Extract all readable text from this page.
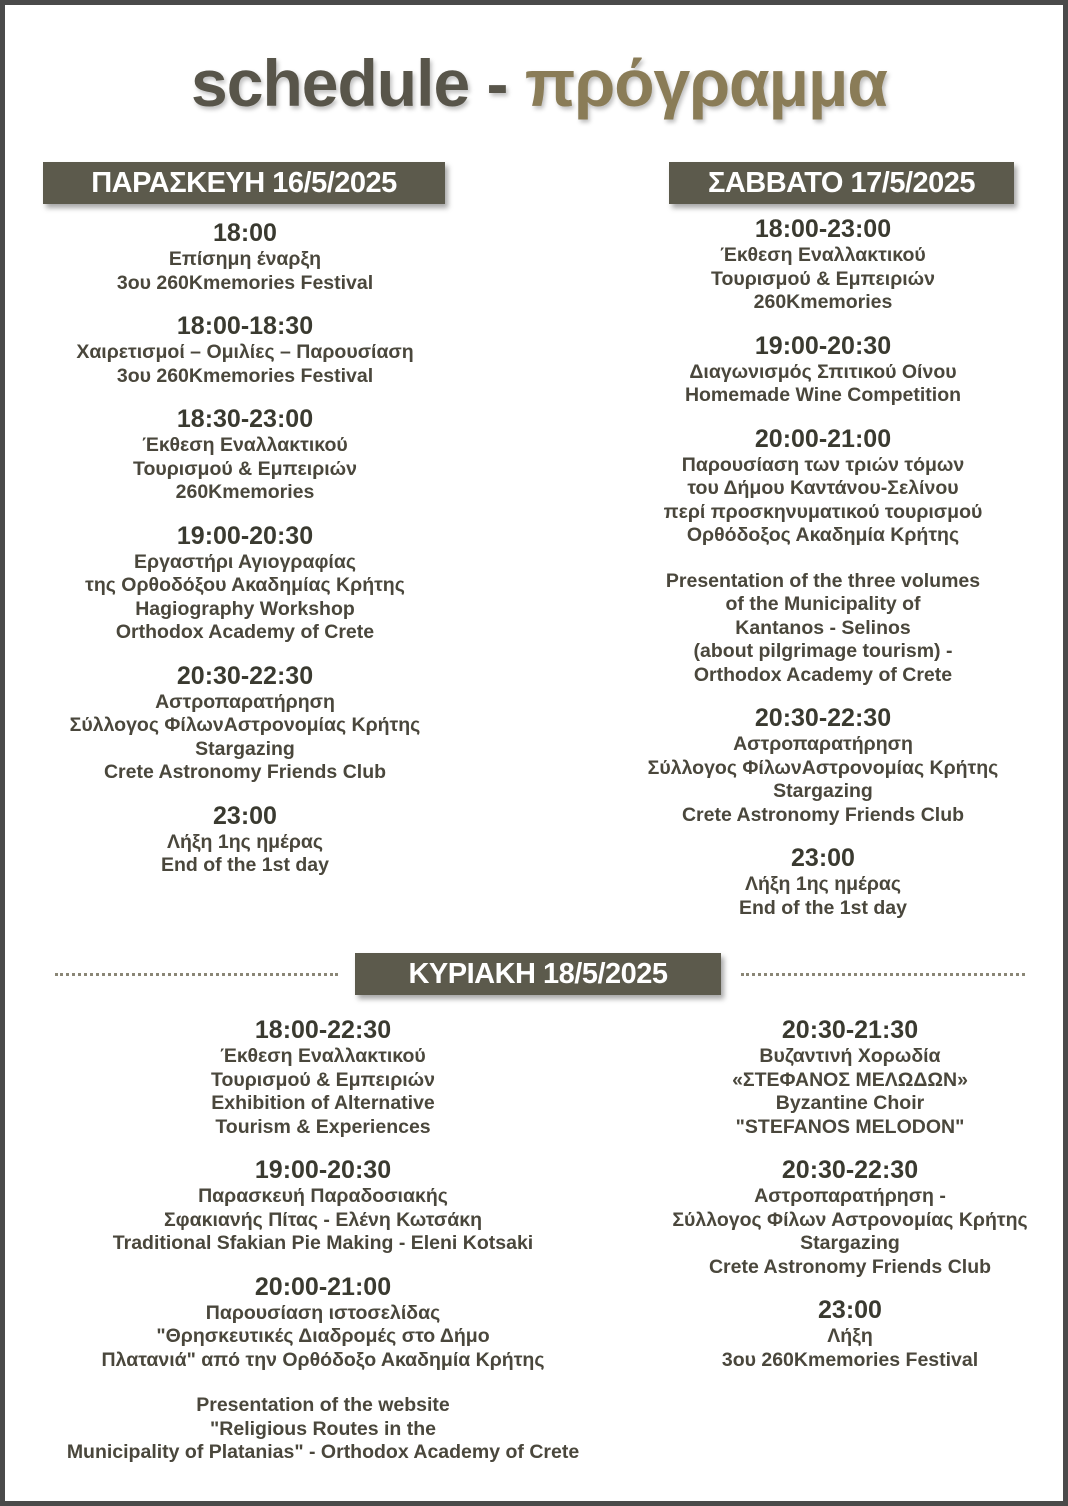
schedule - πρόγραμμα
ΠΑΡΑΣΚΕΥΗ 16/5/2025	ΣΑΒΒΑΤΟ 17/5/2025
18:00
Επίσημη έναρξη
3ου 260Kmemories Festival
18:00-18:30
Χαιρετισμοί – Ομιλίες – Παρουσίαση
3ου 260Kmemories Festival
18:30-23:00
Έκθεση Εναλλακτικού
Τουρισμού & Εμπειριών
260Kmemories
19:00-20:30
Εργαστήρι Αγιογραφίας
της Ορθοδόξου Ακαδημίας Κρήτης
Hagiography Workshop
Orthodox Academy of Crete
20:30-22:30
Αστροπαρατήρηση
Σύλλογος ΦίλωνΑστρονομίας Κρήτης
Stargazing
Crete Astronomy Friends Club
23:00
Λήξη 1ης ημέρας
End of the 1st day
18:00-23:00
Έκθεση Εναλλακτικού
Τουρισμού & Εμπειριών
260Kmemories
19:00-20:30
Διαγωνισμός Σπιτικού Οίνου
Homemade Wine Competition
20:00-21:00
Παρουσίαση των τριών τόμων
του Δήμου Καντάνου-Σελίνου
περί προσκηνυματικού τουρισμού
Ορθόδοξος Ακαδημία Κρήτης
Presentation of the three volumes
of the Municipality of
Kantanos - Selinos
(about pilgrimage tourism) -
Orthodox Academy of Crete
20:30-22:30
Αστροπαρατήρηση
Σύλλογος ΦίλωνΑστρονομίας Κρήτης
Stargazing
Crete Astronomy Friends Club
23:00
Λήξη 1ης ημέρας
End of the 1st day
ΚΥΡΙΑΚΗ 18/5/2025
18:00-22:30
Έκθεση Εναλλακτικού
Τουρισμού & Εμπειριών
Exhibition of Alternative
Tourism & Experiences
19:00-20:30
Παρασκευή Παραδοσιακής
Σφακιανής Πίτας - Ελένη Κωτσάκη
Traditional Sfakian Pie Making - Eleni Kotsaki
20:00-21:00
Παρουσίαση ιστοσελίδας
"Θρησκευτικές Διαδρομές στο Δήμο
Πλατανιά" από την Ορθόδοξο Ακαδημία Κρήτης
Presentation of the website
"Religious Routes in the
Municipality of Platanias" - Orthodox Academy of Crete
20:30-21:30
Βυζαντινή Χορωδία
«ΣΤΕΦΑΝΟΣ ΜΕΛΩΔΩΝ»
Byzantine Choir
"STEFANOS MELODON"
20:30-22:30
Αστροπαρατήρηση -
Σύλλογος Φίλων Αστρονομίας Κρήτης
Stargazing
Crete Astronomy Friends Club
23:00
Λήξη
3ου 260Kmemories Festival
